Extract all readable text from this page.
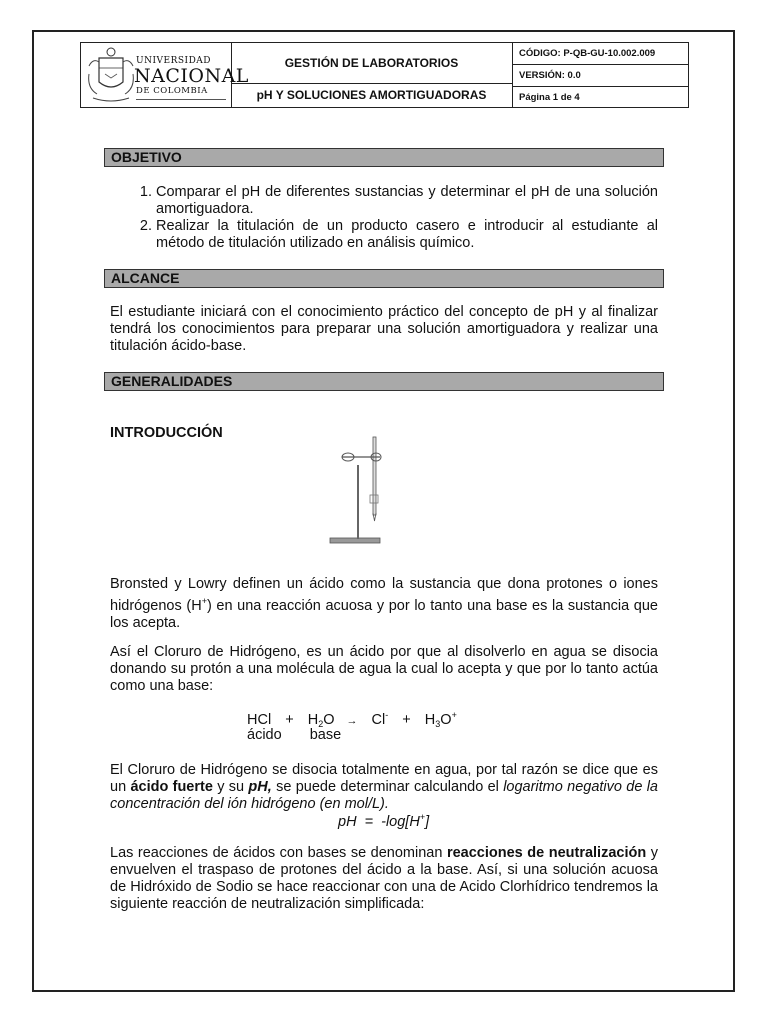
UNIVERSIDAD
NACIONAL
DE COLOMBIA
GESTIÓN DE LABORATORIOS
pH Y SOLUCIONES AMORTIGUADORAS
CÓDIGO: P-QB-GU-10.002.009
VERSIÓN: 0.0
Página 1 de 4
OBJETIVO
1. Comparar el pH de diferentes sustancias y determinar el pH de una solución amortiguadora.
2. Realizar la titulación de un producto casero e introducir al estudiante al método de titulación utilizado en análisis químico.
ALCANCE
El estudiante iniciará con el conocimiento práctico del concepto de pH y al finalizar tendrá los conocimientos para preparar una solución amortiguadora y realizar una titulación ácido-base.
GENERALIDADES
INTRODUCCIÓN
Bronsted y Lowry definen un ácido como la sustancia que dona protones o iones hidrógenos (H+) en una reacción acuosa y por lo tanto una base es la sustancia que los acepta.
Así el Cloruro de Hidrógeno, es un ácido por que al disolverlo en agua se disocia donando su protón a una molécula de agua la cual lo acepta y que por lo tanto actúa como una base:
HCl + $H_2O \to Cl^- + H_3O^+$
ácido base
El Cloruro de Hidrógeno se disocia totalmente en agua, por tal razón se dice que es un ácido fuerte y su pH, se puede determinar calculando el logaritmo negativo de la concentración del ión hidrógeno (en mol/L).
pH  =  -log[H+]
Las reacciones de ácidos con bases se denominan reacciones de neutralización y envuelven el traspaso de protones del ácido a la base. Así, si una solución acuosa de Hidróxido de Sodio se hace reaccionar con una de Acido Clorhídrico tendremos la siguiente reacción de neutralización simplificada:
